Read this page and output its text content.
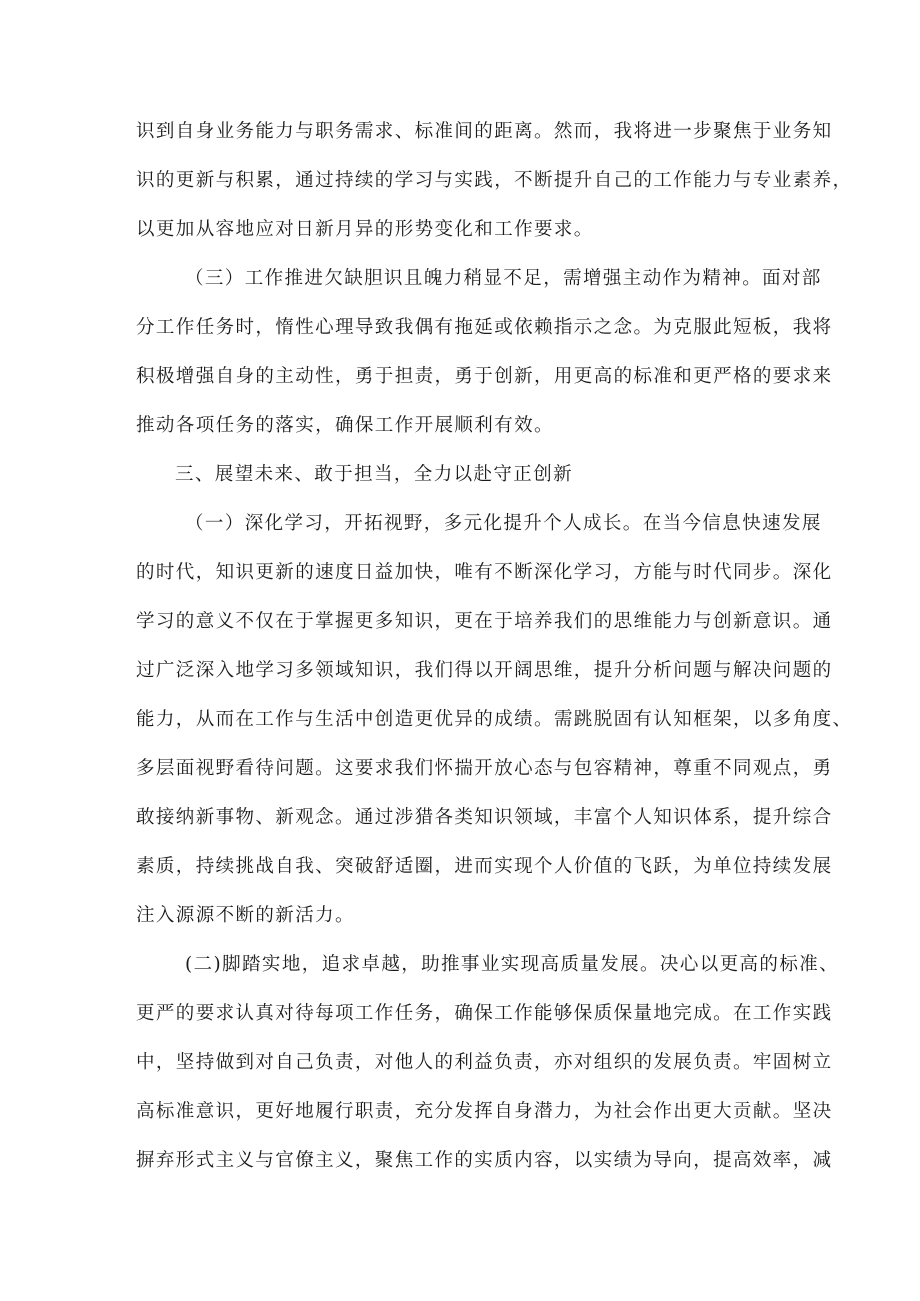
识到自身业务能力与职务需求、标准间的距离。然而，我将进一步聚焦于业务知
识的更新与积累，通过持续的学习与实践，不断提升自己的工作能力与专业素养，
以更加从容地应对日新月异的形势变化和工作要求。
（三）工作推进欠缺胆识且魄力稍显不足，需增强主动作为精神。面对部
分工作任务时，惰性心理导致我偶有拖延或依赖指示之念。为克服此短板，我将
积极增强自身的主动性，勇于担责，勇于创新，用更高的标准和更严格的要求来
推动各项任务的落实，确保工作开展顺利有效。
三、展望未来、敢于担当，全力以赴守正创新
（一）深化学习，开拓视野，多元化提升个人成长。在当今信息快速发展
的时代，知识更新的速度日益加快，唯有不断深化学习，方能与时代同步。深化
学习的意义不仅在于掌握更多知识，更在于培养我们的思维能力与创新意识。通
过广泛深入地学习多领域知识，我们得以开阔思维，提升分析问题与解决问题的
能力，从而在工作与生活中创造更优异的成绩。需跳脱固有认知框架，以多角度、
多层面视野看待问题。这要求我们怀揣开放心态与包容精神，尊重不同观点，勇
敢接纳新事物、新观念。通过涉猎各类知识领域，丰富个人知识体系，提升综合
素质，持续挑战自我、突破舒适圈，进而实现个人价值的飞跃，为单位持续发展
注入源源不断的新活力。
(二)脚踏实地，追求卓越，助推事业实现高质量发展。决心以更高的标准、
更严的要求认真对待每项工作任务，确保工作能够保质保量地完成。在工作实践
中，坚持做到对自己负责，对他人的利益负责，亦对组织的发展负责。牢固树立
高标准意识，更好地履行职责，充分发挥自身潜力，为社会作出更大贡献。坚决
摒弃形式主义与官僚主义，聚焦工作的实质内容，以实绩为导向，提高效率，减
